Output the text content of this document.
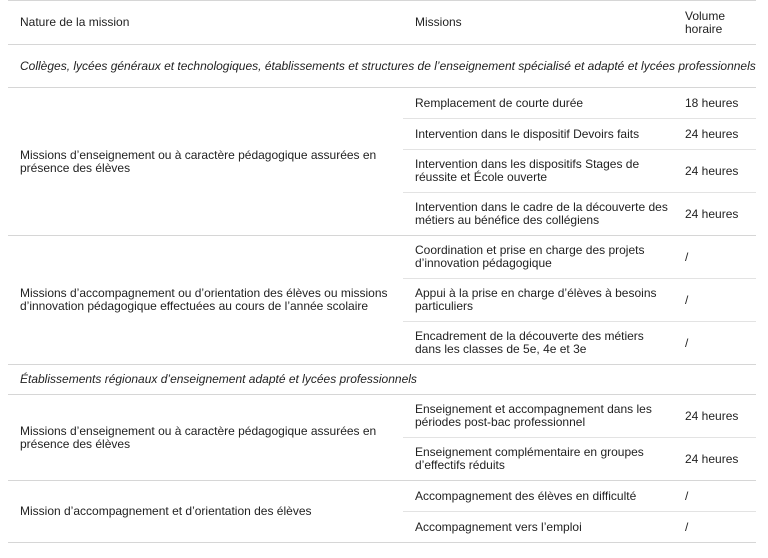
Nature de la mission	Missions	Volume
horaire
Collèges, lycées généraux et technologiques, établissements et structures de l’enseignement spécialisé et adapté et lycées professionnels		
Missions d’enseignement ou à caractère pédagogique assurées en présence des élèves	Remplacement de courte durée	18 heures
	Intervention dans le dispositif Devoirs faits	24 heures
	Intervention dans les dispositifs Stages de réussite et École ouverte	24 heures
	Intervention dans le cadre de la découverte des métiers au bénéfice des collégiens	24 heures
Missions d’accompagnement ou d’orientation des élèves ou missions d’innovation pédagogique effectuées au cours de l’année scolaire	Coordination et prise en charge des projets d’innovation pédagogique	/
	Appui à la prise en charge d’élèves à besoins particuliers	/
	Encadrement de la découverte des métiers dans les classes de 5e, 4e et 3e	/
Établissements régionaux d’enseignement adapté et lycées professionnels		
Missions d’enseignement ou à caractère pédagogique assurées en présence des élèves	Enseignement et accompagnement dans les périodes post-bac professionnel	24 heures
	Enseignement complémentaire en groupes d’effectifs réduits	24 heures
Mission d’accompagnement et d’orientation des élèves	Accompagnement des élèves en difficulté	/
	Accompagnement vers l’emploi	/
